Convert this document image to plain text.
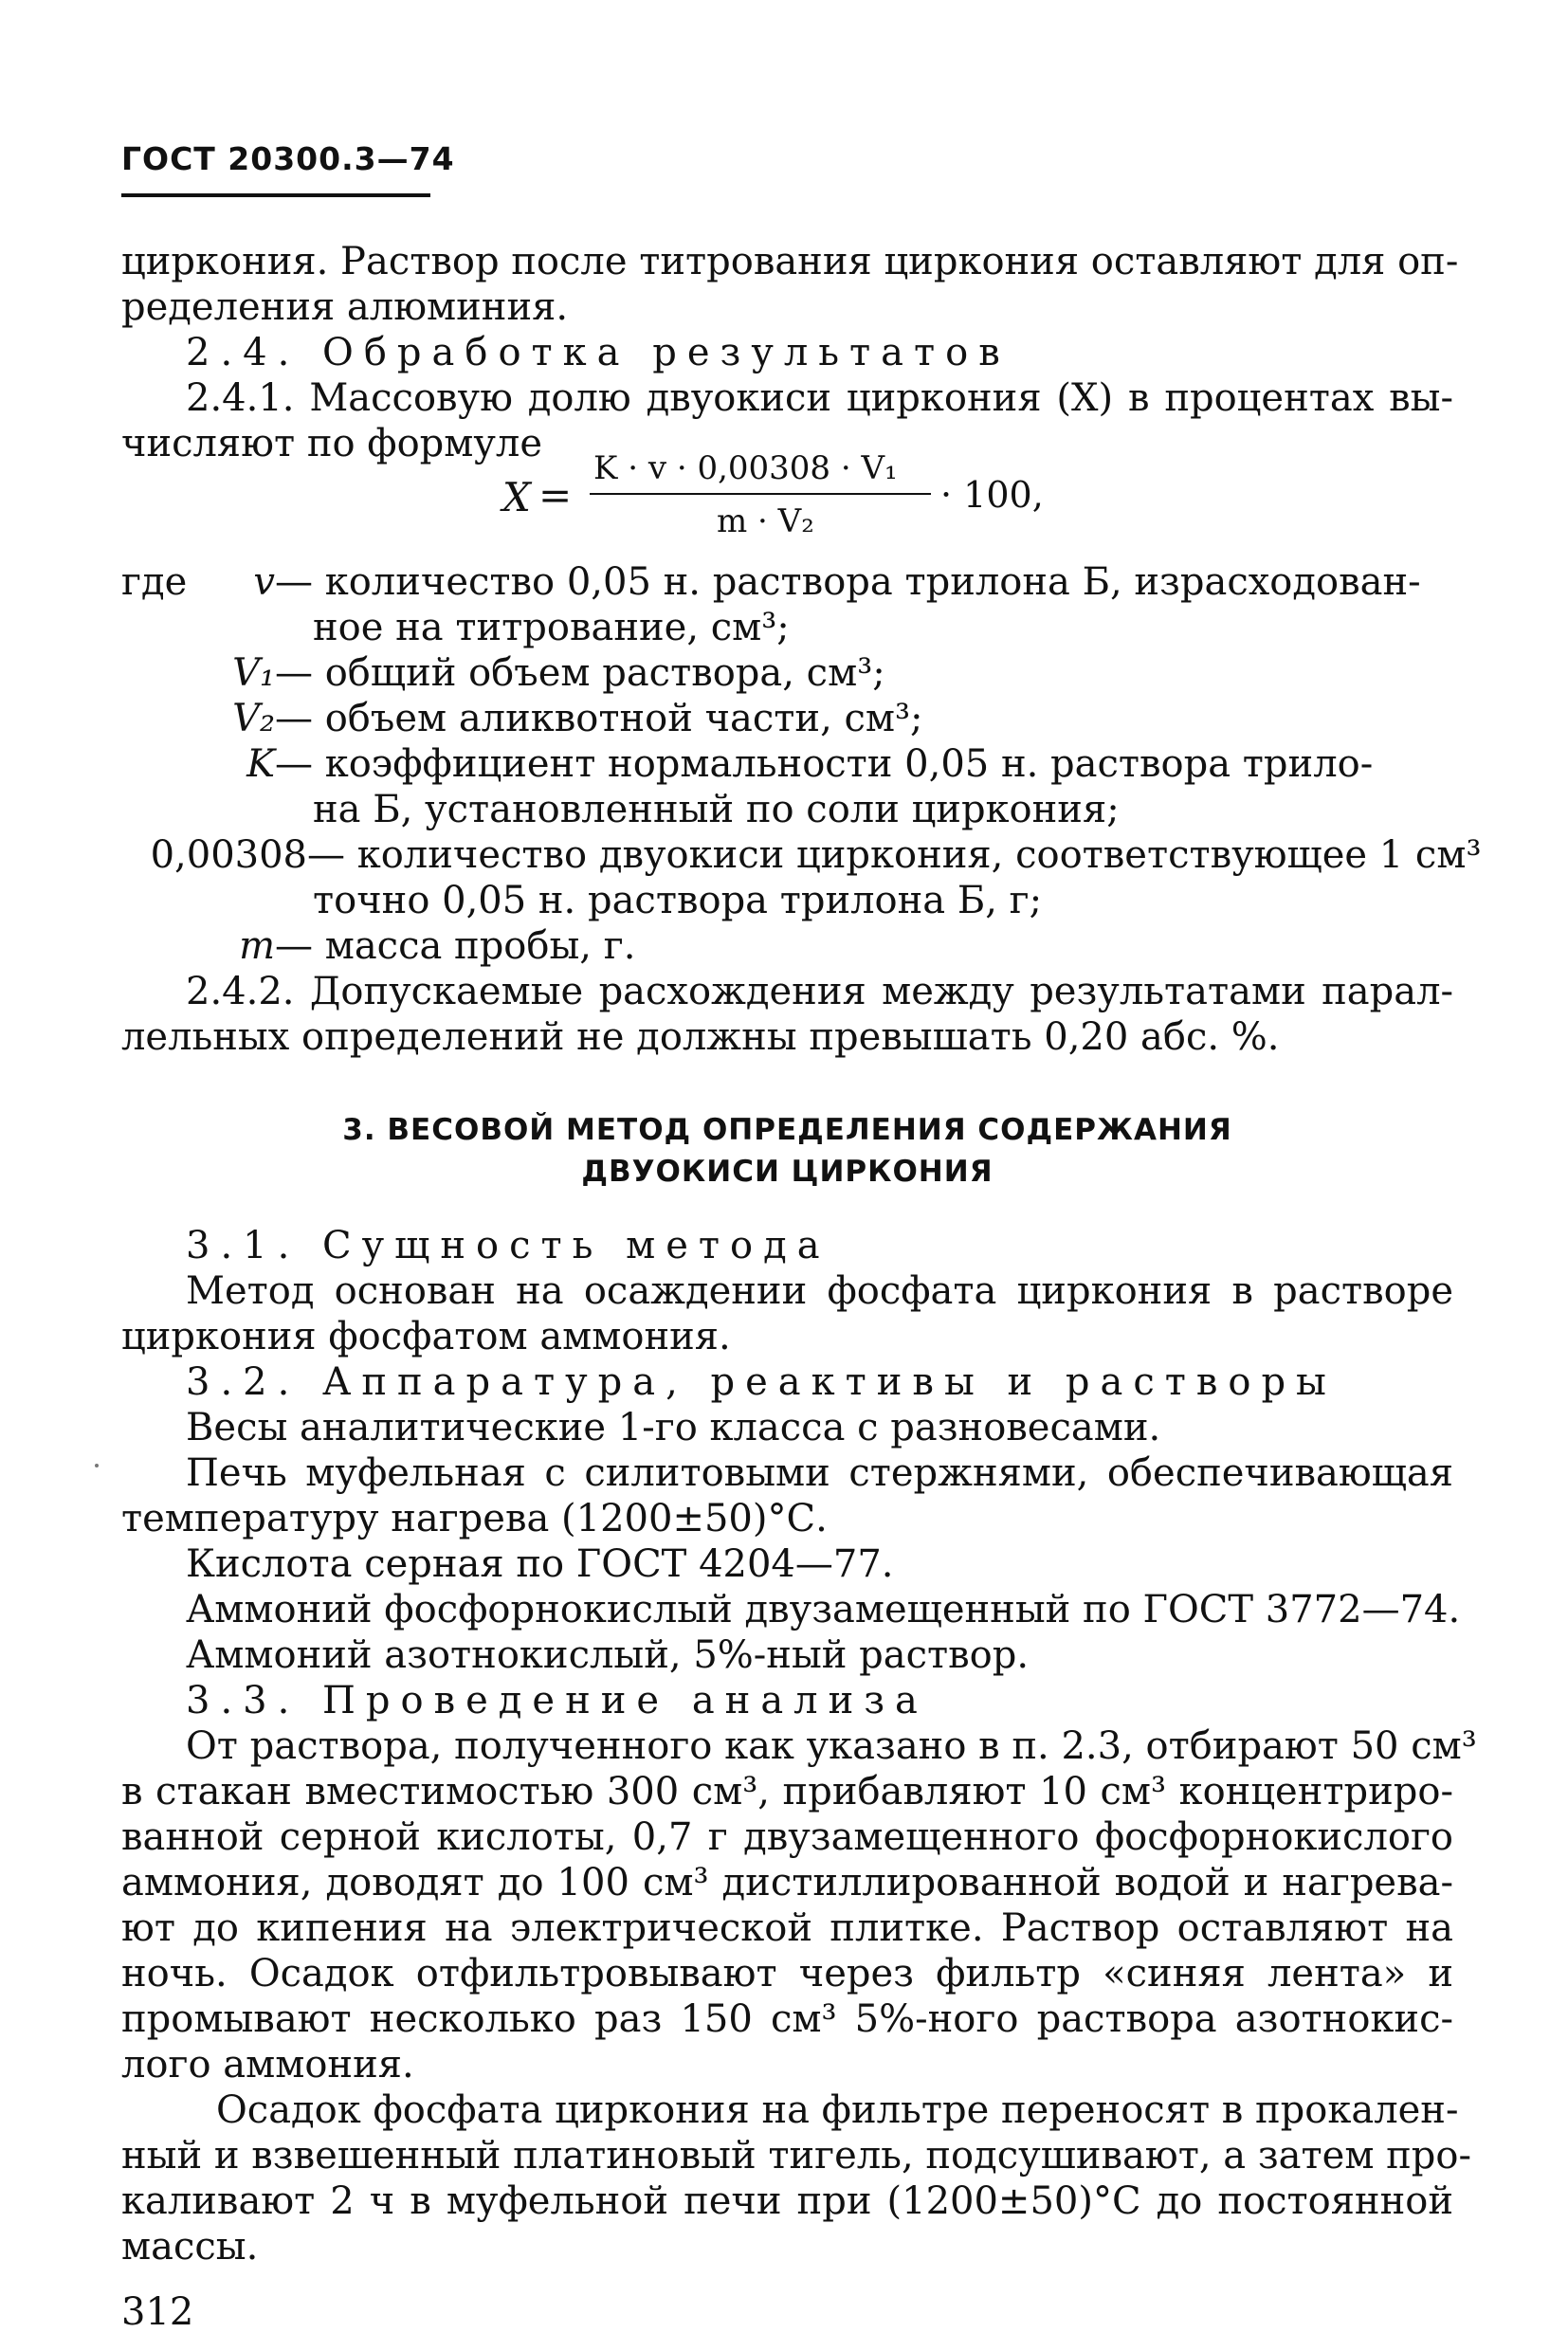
ГОСТ 20300.3—74
циркония. Раствор после титрования циркония оставляют для оп-
ределения алюминия.
2.4. Обработка результатов
2.4.1. Массовую долю двуокиси циркония (X) в процентах вы-
числяют по формуле
X =
K · v · 0,00308 · V₁
m · V₂
· 100,
где	v — количество 0,05 н. раствора трилона Б, израсходован-
ное на титрование, см³;
V₁ — общий объем раствора, см³;
V₂ — объем аликвотной части, см³;
K — коэффициент нормальности 0,05 н. раствора трило-
на Б, установленный по соли циркония;
0,00308 — количество двуокиси циркония, соответствующее 1 см³
точно 0,05 н. раствора трилона Б, г;
m — масса пробы, г.
2.4.2. Допускаемые расхождения между результатами парал-
лельных определений не должны превышать 0,20 абс. %.
3. ВЕСОВОЙ МЕТОД ОПРЕДЕЛЕНИЯ СОДЕРЖАНИЯ
ДВУОКИСИ ЦИРКОНИЯ
3.1. Сущность метода
Метод основан на осаждении фосфата циркония в растворе
циркония фосфатом аммония.
3.2. Аппаратура, реактивы и растворы
Весы аналитические 1-го класса с разновесами.
Печь муфельная с силитовыми стержнями, обеспечивающая
температуру нагрева (1200±50)°С.
Кислота серная по ГОСТ 4204—77.
Аммоний фосфорнокислый двузамещенный по ГОСТ 3772—74.
Аммоний азотнокислый, 5%-ный раствор.
3.3. Проведение анализа
От раствора, полученного как указано в п. 2.3, отбирают 50 см³
в стакан вместимостью 300 см³, прибавляют 10 см³ концентриро-
ванной серной кислоты, 0,7 г двузамещенного фосфорнокислого
аммония, доводят до 100 см³ дистиллированной водой и нагрева-
ют до кипения на электрической плитке. Раствор оставляют на
ночь. Осадок отфильтровывают через фильтр «синяя лента» и
промывают несколько раз 150 см³ 5%-ного раствора азотнокис-
лого аммония.
Осадок фосфата циркония на фильтре переносят в прокален-
ный и взвешенный платиновый тигель, подсушивают, а затем про-
каливают 2 ч в муфельной печи при (1200±50)°С до постоянной
массы.
312
